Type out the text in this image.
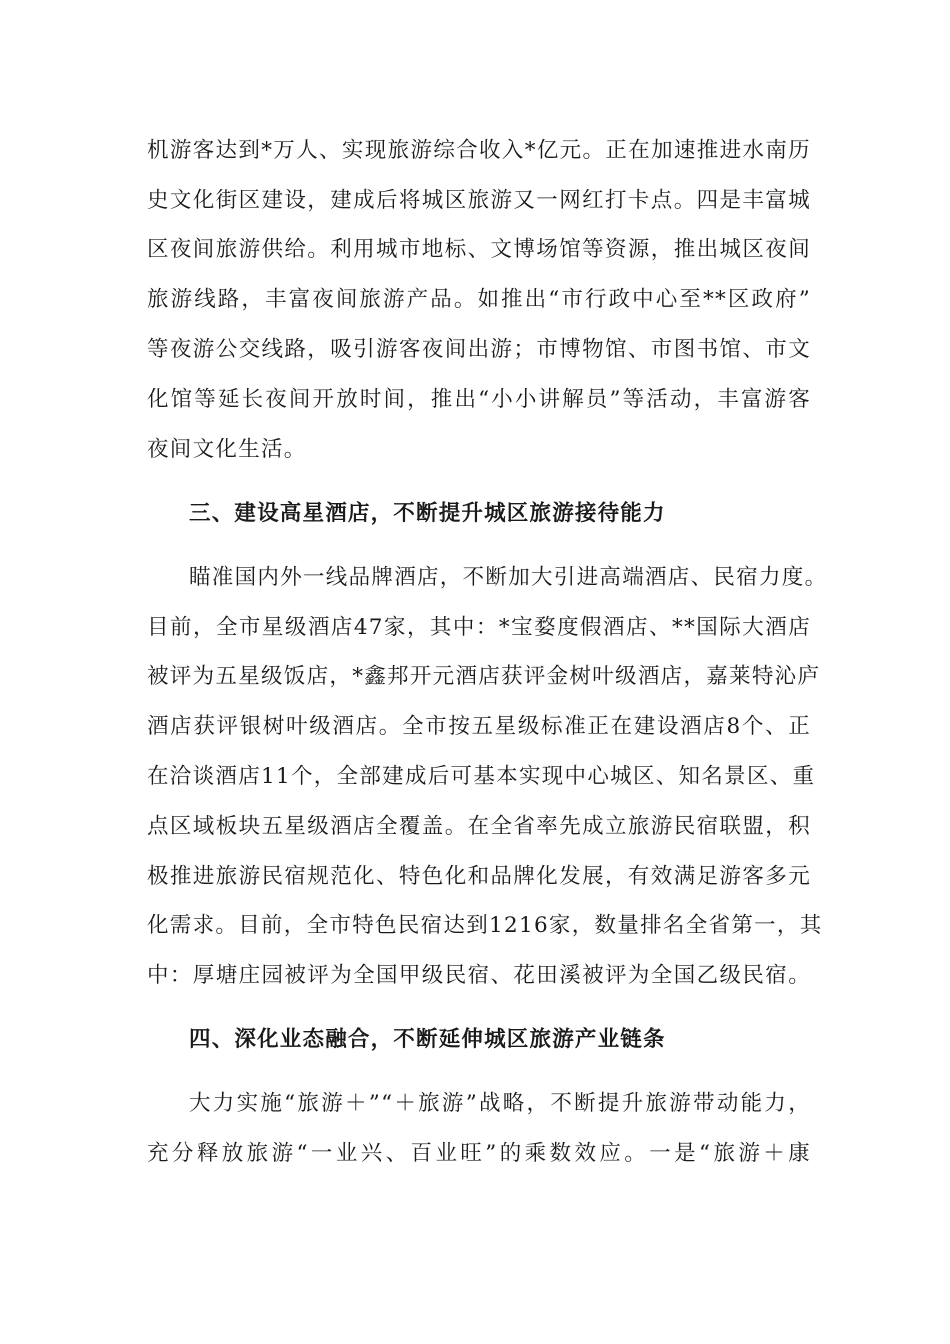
机游客达到*万人、实现旅游综合收入*亿元。正在加速推进水南历
史文化街区建设，建成后将城区旅游又一网红打卡点。四是丰富城
区夜间旅游供给。利用城市地标、文博场馆等资源，推出城区夜间
旅游线路，丰富夜间旅游产品。如推出“市行政中心至**区政府”
等夜游公交线路，吸引游客夜间出游；市博物馆、市图书馆、市文
化馆等延长夜间开放时间，推出“小小讲解员”等活动，丰富游客
夜间文化生活。
三、建设高星酒店，不断提升城区旅游接待能力
瞄准国内外一线品牌酒店，不断加大引进高端酒店、民宿力度。
目前，全市星级酒店47家，其中：*宝婺度假酒店、**国际大酒店
被评为五星级饭店，*鑫邦开元酒店获评金树叶级酒店，嘉莱特沁庐
酒店获评银树叶级酒店。全市按五星级标准正在建设酒店8个、正
在洽谈酒店11个，全部建成后可基本实现中心城区、知名景区、重
点区域板块五星级酒店全覆盖。在全省率先成立旅游民宿联盟，积
极推进旅游民宿规范化、特色化和品牌化发展，有效满足游客多元
化需求。目前，全市特色民宿达到1216家，数量排名全省第一，其
中：厚塘庄园被评为全国甲级民宿、花田溪被评为全国乙级民宿。
四、深化业态融合，不断延伸城区旅游产业链条
大力实施“旅游＋”“＋旅游”战略，不断提升旅游带动能力，
充分释放旅游“一业兴、百业旺”的乘数效应。一是“旅游＋康
